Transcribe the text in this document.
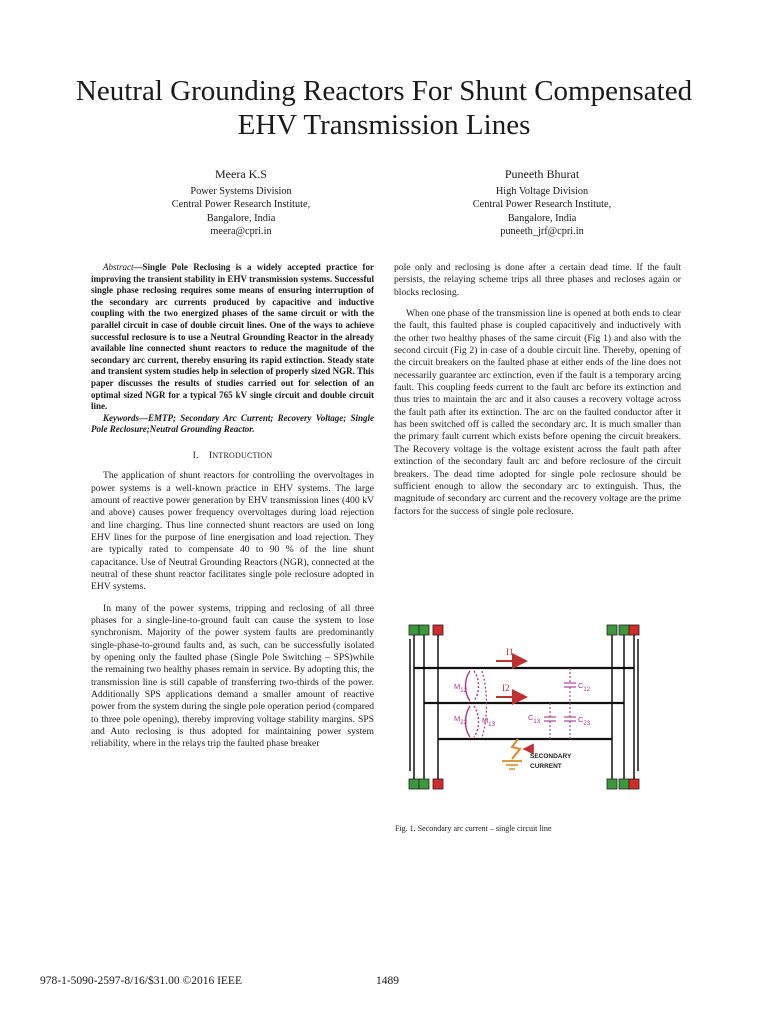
Neutral Grounding Reactors For Shunt Compensated
EHV Transmission Lines
Meera K.S
Power Systems Division
Central Power Research Institute,
Bangalore, India
meera@cpri.in
Puneeth Bhurat
High Voltage Division
Central Power Research Institute,
Bangalore, India
puneeth_jrf@cpri.in

Abstract—Single Pole Reclosing is a widely accepted practice for improving the transient stability in EHV transmission systems. Successful single phase reclosing requires some means of ensuring interruption of the secondary arc currents produced by capacitive and inductive coupling with the two energized phases of the same circuit or with the parallel circuit in case of double circuit lines. One of the ways to achieve successful reclosure is to use a Neutral Grounding Reactor in the already available line connected shunt reactors to reduce the magnitude of the secondary arc current, thereby ensuring its rapid extinction. Steady state and transient system studies help in selection of properly sized NGR. This paper discusses the results of studies carried out for selection of an optimal sized NGR for a typical 765 kV single circuit and double circuit line.

Keywords—EMTP; Secondary Arc Current; Recovery Voltage; Single Pole Reclosure;Neutral Grounding Reactor.

I. INTRODUCTION

The application of shunt reactors for controlling the overvoltages in power systems is a well-known practice in EHV systems. The large amount of reactive power generation by EHV transmission lines (400 kV and above) causes power frequency overvoltages during load rejection and line charging. Thus line connected shunt reactors are used on long EHV lines for the purpose of line energisation and load rejection. They are typically rated to compensate 40 to 90 % of the line shunt capacitance. Use of Neutral Grounding Reactors (NGR), connected at the neutral of these shunt reactor facilitates single pole reclosure adopted in EHV systems.

In many of the power systems, tripping and reclosing of all three phases for a single-line-to-ground fault can cause the system to lose synchronism. Majority of the power system faults are predominantly single-phase-to-ground faults and, as such, can be successfully isolated by opening only the faulted phase (Single Pole Switching – SPS)while the remaining two healthy phases remain in service. By adopting this, the transmission line is still capable of transferring two-thirds of the power. Additionally SPS applications demand a smaller amount of reactive power from the system during the single pole operation period (compared to three pole opening), thereby improving voltage stability margins. SPS and Auto reclosing is thus adopted for maintaining power system reliability, where in the relays trip the faulted phase breaker

pole only and reclosing is done after a certain dead time. If the fault persists, the relaying scheme trips all three phases and recloses again or blocks reclosing.

When one phase of the transmission line is opened at both ends to clear the fault, this faulted phase is coupled capacitively and inductively with the other two healthy phases of the same circuit (Fig 1) and also with the second circuit (Fig 2) in case of a double circuit line. Thereby, opening of the circuit breakers on the faulted phase at either ends of the line does not necessarily guarantee arc extinction, even if the fault is a temporary arcing fault. This coupling feeds current to the fault arc before its extinction and thus tries to maintain the arc and it also causes a recovery voltage across the fault path after its extinction. The arc on the faulted conductor after it has been switched off is called the secondary arc. It is much smaller than the primary fault current which exists before opening the circuit breakers. The Recovery voltage is the voltage existent across the fault path after extinction of the secondary fault arc and before reclosure of the circuit breakers. The dead time adopted for single pole reclosure should be sufficient enough to allow the secondary arc to extinguish. Thus, the magnitude of secondary arc current and the recovery voltage are the prime factors for the success of single pole reclosure.

I1
I2
$M_{12}$
$M_{23}$ $M_{13}$
$C_{12}$
$C_{13}$	$C_{23}$
SECONDARY
CURRENT
Fig. 1. Secondary arc current – single circuit line
978-1-5090-2597-8/16/$31.00 ©2016 IEEE	1489
